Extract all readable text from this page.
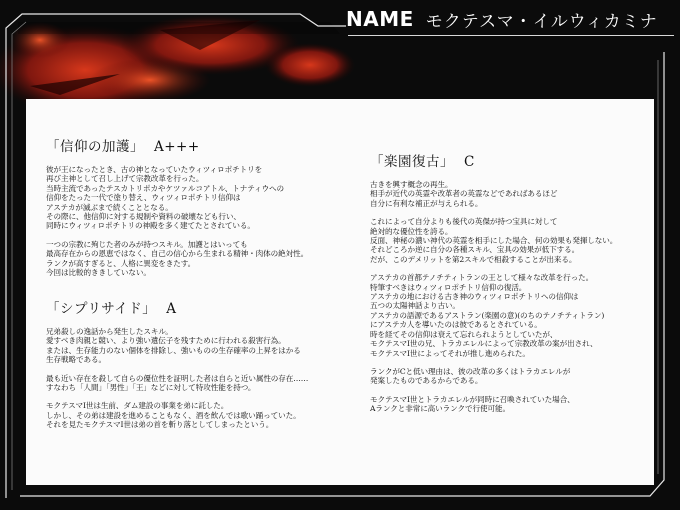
NAME モクテスマ・イルウィカミナ
「信仰の加護」 A+++

彼が王になったとき、古の神となっていたウィツィロポチトリを
再び主神として召し上げて宗教改革を行った。
当時主流であったテスカトリポカやケツァルコアトル、トナティウへの
信仰をたった一代で塗り替え、ウィツィロポチトリ信仰は
アステカが滅ぶまで続くこととなる。
その際に、他信仰に対する規制や資料の破壊なども行い、
同時にウィツィロポチトリの神殿を多く建てたとされている。

一つの宗教に殉じた者のみが持つスキル。加護とはいっても
最高存在からの恩恵ではなく、自己の信心から生まれる精神・肉体の絶対性。
ランクが高すぎると、人格に異変をきたす。
今回は比較的ききしていない。

「シプリサイド」 A

兄弟殺しの逸話から発生したスキル。
愛すべき肉親と競い、より強い遺伝子を残すために行われる殺害行為。
または、生存能力のない個体を排除し、強いものの生存確率の上昇をはかる
生存戦略である。

最も近い存在を殺して自らの優位性を証明した者は自らと近い属性の存在……
すなわち「人間」「男性」「王」などに対して特攻性能を持つ。

モクテスマⅠ世は生前、ダム建設の事業を弟に託した。
しかし、その弟は建設を進めることもなく、酒を飲んでは歌い踊っていた。
それを見たモクテスマⅠ世は弟の首を斬り落としてしまったという。

「楽園復古」 C

古きを興す概念の再生。
相手が近代の英霊や改革者の英霊などであればあるほど
自分に有利な補正が与えられる。

これによって自分よりも後代の英傑が持つ宝具に対して
絶対的な優位性を誇る。
反面、神秘の濃い神代の英霊を相手にした場合、何の効果も発揮しない。
それどころか逆に自分の各種スキル、宝具の効果が低下する。
だが、このデメリットを第2スキルで相殺することが出来る。

アステカの首都テノチティトランの王として様々な改革を行った。
特筆すべきはウィツィロポチトリ信仰の復活。
アステカの地における古き神のウィツィロポチトリへの信仰は
五つの太陽神話より古い。
アステカの語源であるアストラン(楽園の意)(のちのテノチティトラン)
にアステカ人を導いたのは彼であるとされている。
時を経てその信仰は衰えて忘れられようとしていたが、
モクテスマⅠ世の兄、トラカエレルによって宗教改革の案が出され、
モクテスマⅠ世によってそれが推し進められた。

ランクがCと低い理由は、彼の改革の多くはトラカエレルが
発案したものであるからである。

モクテスマⅠ世とトラカエレルが同時に召喚されていた場合、
Aランクと非常に高いランクで行使可能。
